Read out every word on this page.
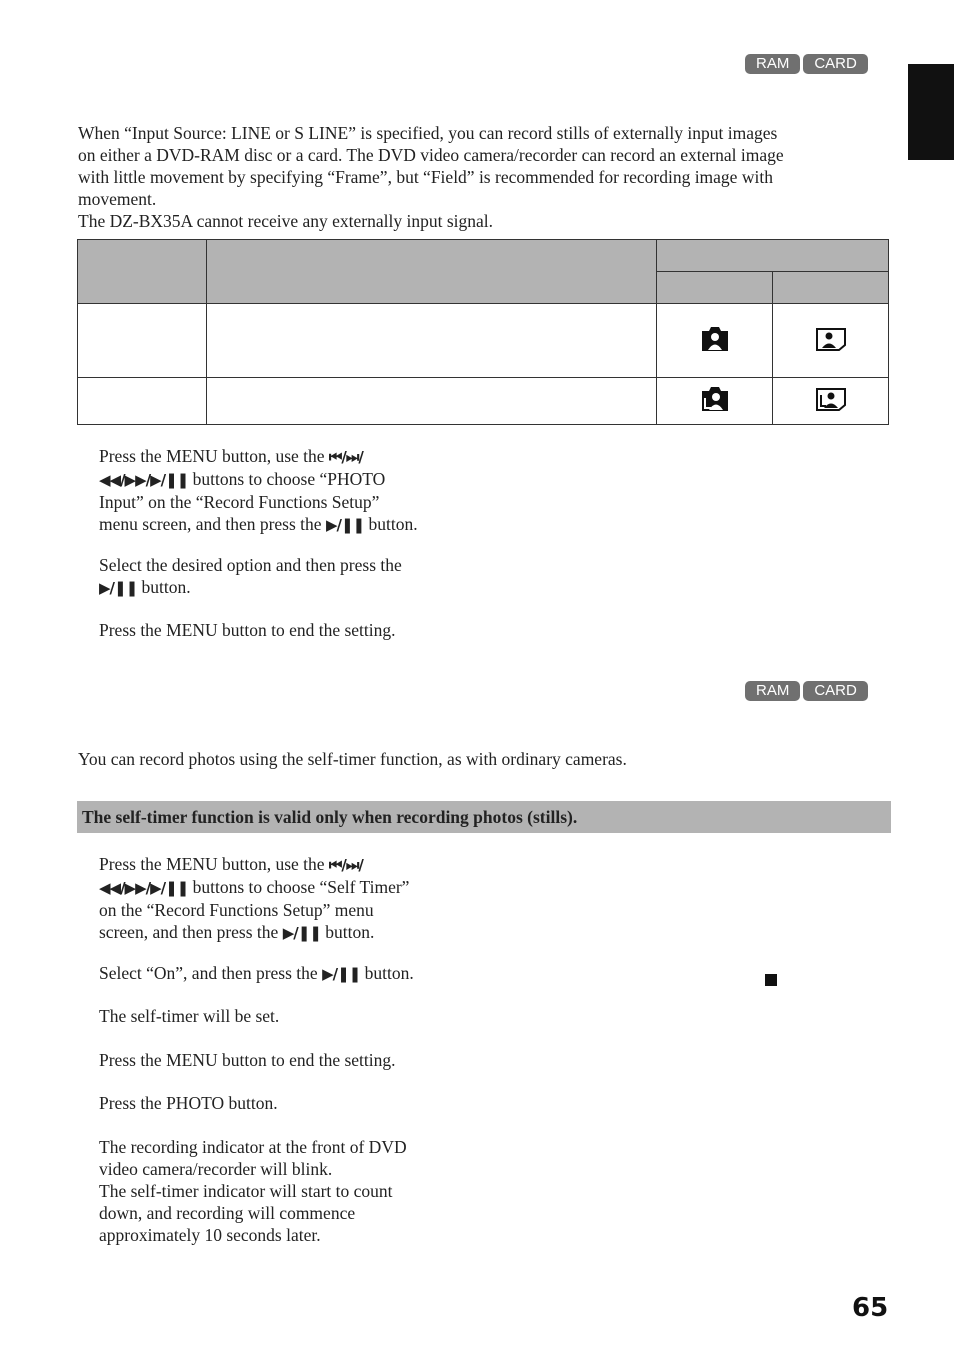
RAM	CARD
When “Input Source: LINE or S LINE” is specified, you can record stills of externally input images
on either a DVD-RAM disc or a card. The DVD video camera/recorder can record an external image
with little movement by specifying “Frame”, but “Field” is recommended for recording image with
movement.
The DZ-BX35A cannot receive any externally input signal.

Press the MENU button, use the ⏮/⏭/
◀◀/▶▶/▶/❚❚ buttons to choose “PHOTO
Input” on the “Record Functions Setup”
menu screen, and then press the ▶/❚❚ button.
Select the desired option and then press the
▶/❚❚ button.
Press the MENU button to end the setting.
RAM	CARD
You can record photos using the self-timer function, as with ordinary cameras.
The self-timer function is valid only when recording photos (stills).
Press the MENU button, use the ⏮/⏭/
◀◀/▶▶/▶/❚❚ buttons to choose “Self Timer”
on the “Record Functions Setup” menu
screen, and then press the ▶/❚❚ button.
Select “On”, and then press the ▶/❚❚ button.
The self-timer will be set.
Press the MENU button to end the setting.
Press the PHOTO button.
The recording indicator at the front of DVD
video camera/recorder will blink.
The self-timer indicator will start to count
down, and recording will commence
approximately 10 seconds later.
65
